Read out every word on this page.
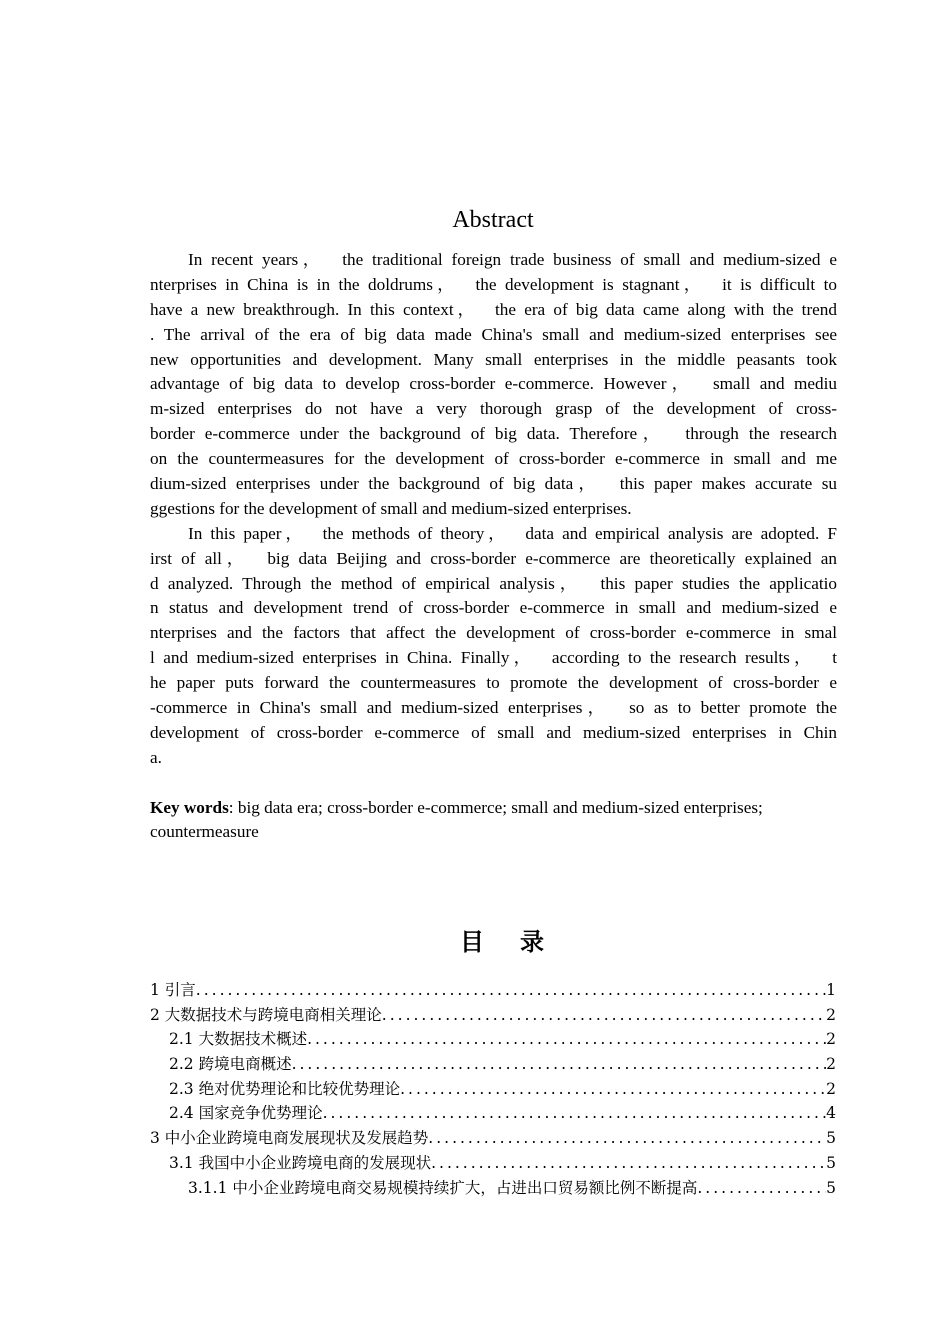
Abstract
In recent years，  the traditional foreign trade business of small and medium-sized e
nterprises in China is in the doldrums，  the development is stagnant，  it is difficult to
have a new breakthrough. In this context，  the era of big data came along with the trend
. The arrival of the era of big data made China's small and medium-sized enterprises see
new opportunities and development. Many small enterprises in the middle peasants took
advantage of big data to develop cross-border e-commerce. However，  small and mediu
m-sized enterprises do not have a very thorough grasp of the development of cross-
border e-commerce under the background of big data. Therefore，  through the research
on the countermeasures for the development of cross-border e-commerce in small and me
dium-sized enterprises under the background of big data，  this paper makes accurate su
ggestions for the development of small and medium-sized enterprises.
In this paper，  the methods of theory，  data and empirical analysis are adopted. F
irst of all，  big data Beijing and cross-border e-commerce are theoretically explained an
d analyzed. Through the method of empirical analysis，  this paper studies the applicatio
n status and development trend of cross-border e-commerce in small and medium-sized e
nterprises and the factors that affect the development of cross-border e-commerce in smal
l and medium-sized enterprises in China. Finally，  according to the research results，  t
he paper puts forward the countermeasures to promote the development of cross-border e
-commerce in China's small and medium-sized enterprises，  so as to better promote the
development of cross-border e-commerce of small and medium-sized enterprises in Chin
a.
Key words: big data era; cross-border e-commerce; small and medium-sized enterprises;
countermeasure
目录
1 引言 .....	1
2 大数据技术与跨境电商相关理论 .....	2
2.1 大数据技术概述 .....	2
2.2 跨境电商概述 .....	2
2.3 绝对优势理论和比较优势理论 .....	2
2.4 国家竞争优势理论 .....	4
3 中小企业跨境电商发展现状及发展趋势 .....	5
3.1 我国中小企业跨境电商的发展现状 .....	5
3.1.1 中小企业跨境电商交易规模持续扩大，占进出口贸易额比例不断提高 .....	5
